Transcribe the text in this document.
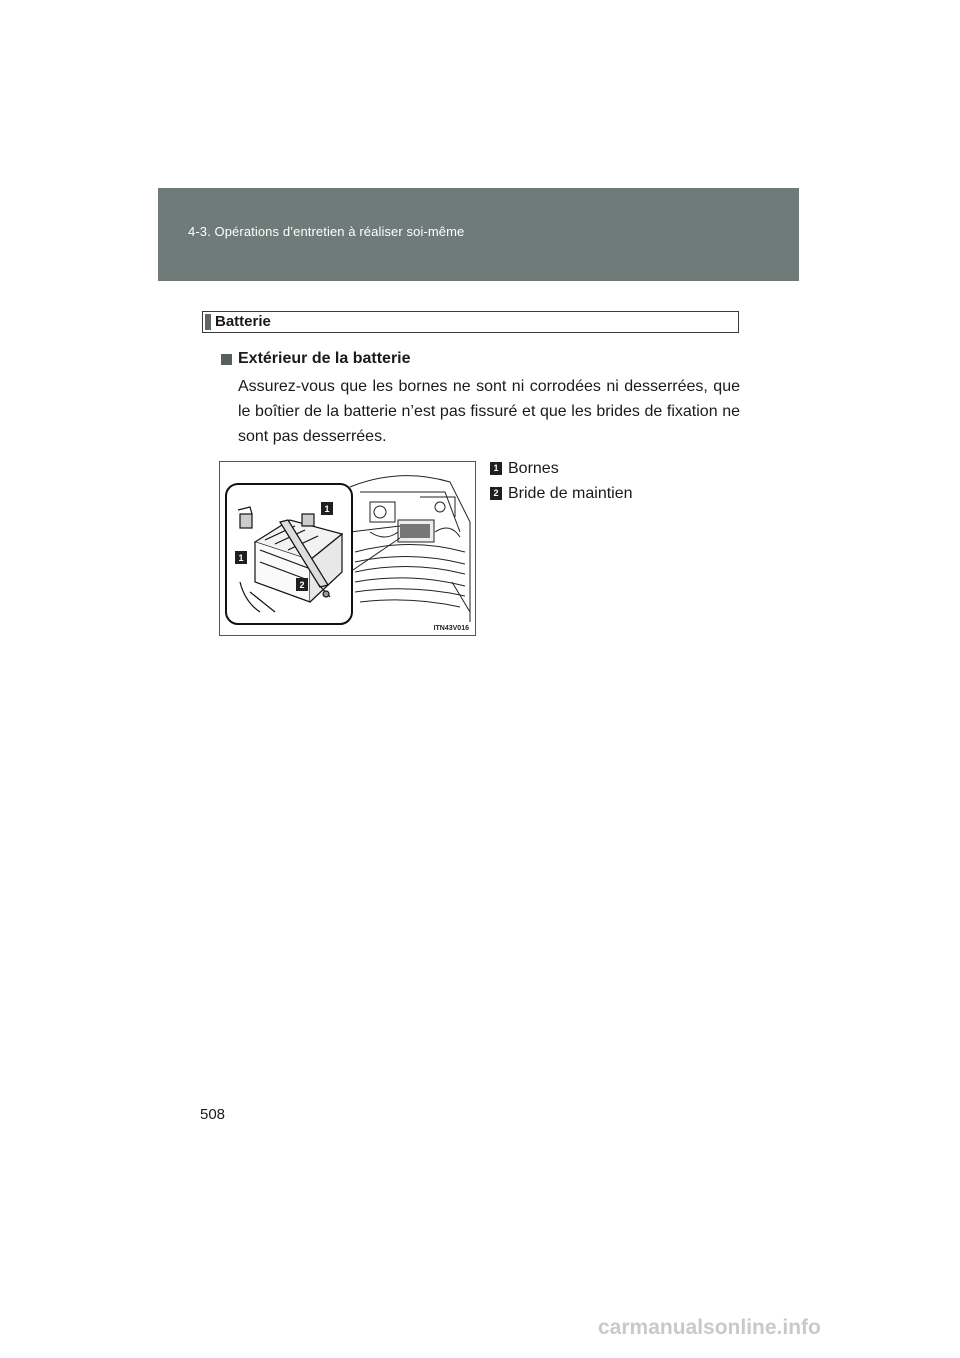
4-3. Opérations d’entretien à réaliser soi-même
Batterie
Extérieur de la batterie
Assurez-vous que les bornes ne sont ni corrodées ni desserrées, que le boîtier de la batterie n’est pas fissuré et que les brides de fixation ne sont pas desserrées.
1
1
2
ITN43V016
1 Bornes
2 Bride de maintien
508
carmanualsonline.info
